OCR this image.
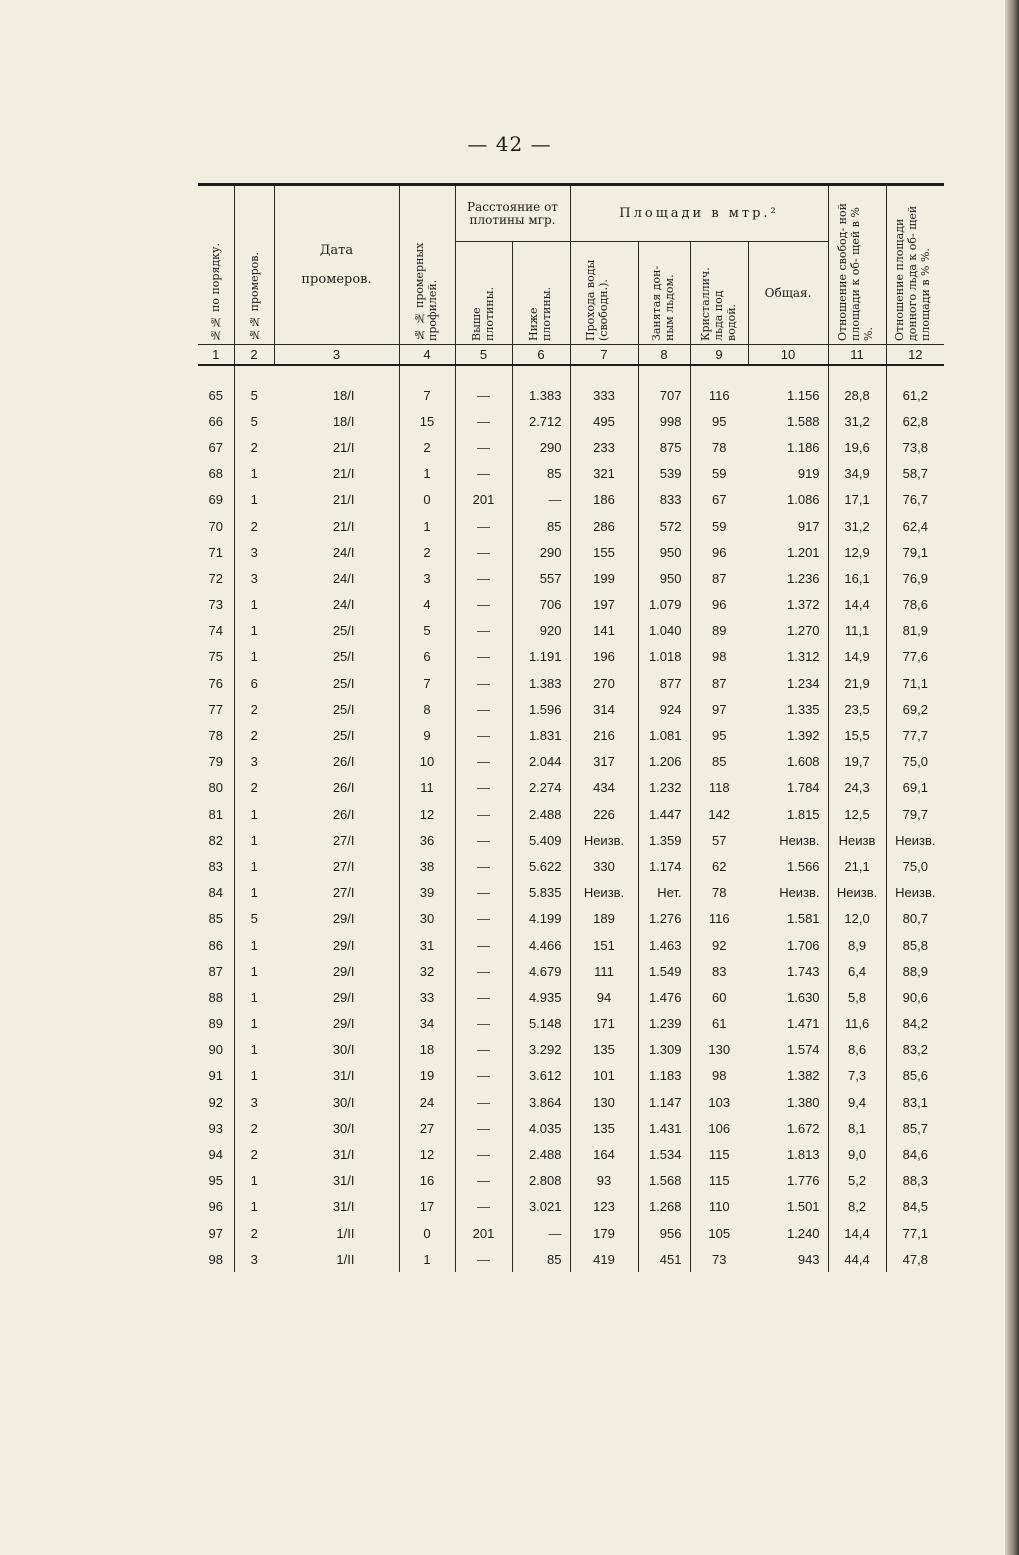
— 42 —
№№ по порядку.	№№ промеров.	Дата
промеров.	№ № промерных профилей.	Расстояние от плотины мгр.		Площади в мтр.²				Отношение свобод- ной площади к об- щей в % %.	Отношение площади донного льда к об- щей площади в % %.
				Выше плотины.	Ниже плотины.	Прохода воды (свободн.).	Занятая дон- ным льдом.	Кристаллич. льда под водой.	Общая.		
1	2	3	4	5	6	7	8	9	10	11	12

65	5	18/I	7	—	1.383	333	707	116	1.156	28,8	61,2
66	5	18/I	15	—	2.712	495	998	95	1.588	31,2	62,8
67	2	21/I	2	—	290	233	875	78	1.186	19,6	73,8
68	1	21/I	1	—	85	321	539	59	919	34,9	58,7
69	1	21/I	0	201	—	186	833	67	1.086	17,1	76,7
70	2	21/I	1	—	85	286	572	59	917	31,2	62,4
71	3	24/I	2	—	290	155	950	96	1.201	12,9	79,1
72	3	24/I	3	—	557	199	950	87	1.236	16,1	76,9
73	1	24/I	4	—	706	197	1.079	96	1.372	14,4	78,6
74	1	25/I	5	—	920	141	1.040	89	1.270	11,1	81,9
75	1	25/I	6	—	1.191	196	1.018	98	1.312	14,9	77,6
76	6	25/I	7	—	1.383	270	877	87	1.234	21,9	71,1
77	2	25/I	8	—	1.596	314	924	97	1.335	23,5	69,2
78	2	25/I	9	—	1.831	216	1.081	95	1.392	15,5	77,7
79	3	26/I	10	—	2.044	317	1.206	85	1.608	19,7	75,0
80	2	26/I	11	—	2.274	434	1.232	118	1.784	24,3	69,1
81	1	26/I	12	—	2.488	226	1.447	142	1.815	12,5	79,7
82	1	27/I	36	—	5.409	Неизв.	1.359	57	Неизв.	Неизв	Неизв.
83	1	27/I	38	—	5.622	330	1.174	62	1.566	21,1	75,0
84	1	27/I	39	—	5.835	Неизв.	Нет.	78	Неизв.	Неизв.	Неизв.
85	5	29/I	30	—	4.199	189	1.276	116	1.581	12,0	80,7
86	1	29/I	31	—	4.466	151	1.463	92	1.706	8,9	85,8
87	1	29/I	32	—	4.679	111	1.549	83	1.743	6,4	88,9
88	1	29/I	33	—	4.935	94	1.476	60	1.630	5,8	90,6
89	1	29/I	34	—	5.148	171	1.239	61	1.471	11,6	84,2
90	1	30/I	18	—	3.292	135	1.309	130	1.574	8,6	83,2
91	1	31/I	19	—	3.612	101	1.183	98	1.382	7,3	85,6
92	3	30/I	24	—	3.864	130	1.147	103	1.380	9,4	83,1
93	2	30/I	27	—	4.035	135	1.431	106	1.672	8,1	85,7
94	2	31/I	12	—	2.488	164	1.534	115	1.813	9,0	84,6
95	1	31/I	16	—	2.808	93	1.568	115	1.776	5,2	88,3
96	1	31/I	17	—	3.021	123	1.268	110	1.501	8,2	84,5
97	2	1/II	0	201	—	179	956	105	1.240	14,4	77,1
98	3	1/II	1	—	85	419	451	73	943	44,4	47,8
